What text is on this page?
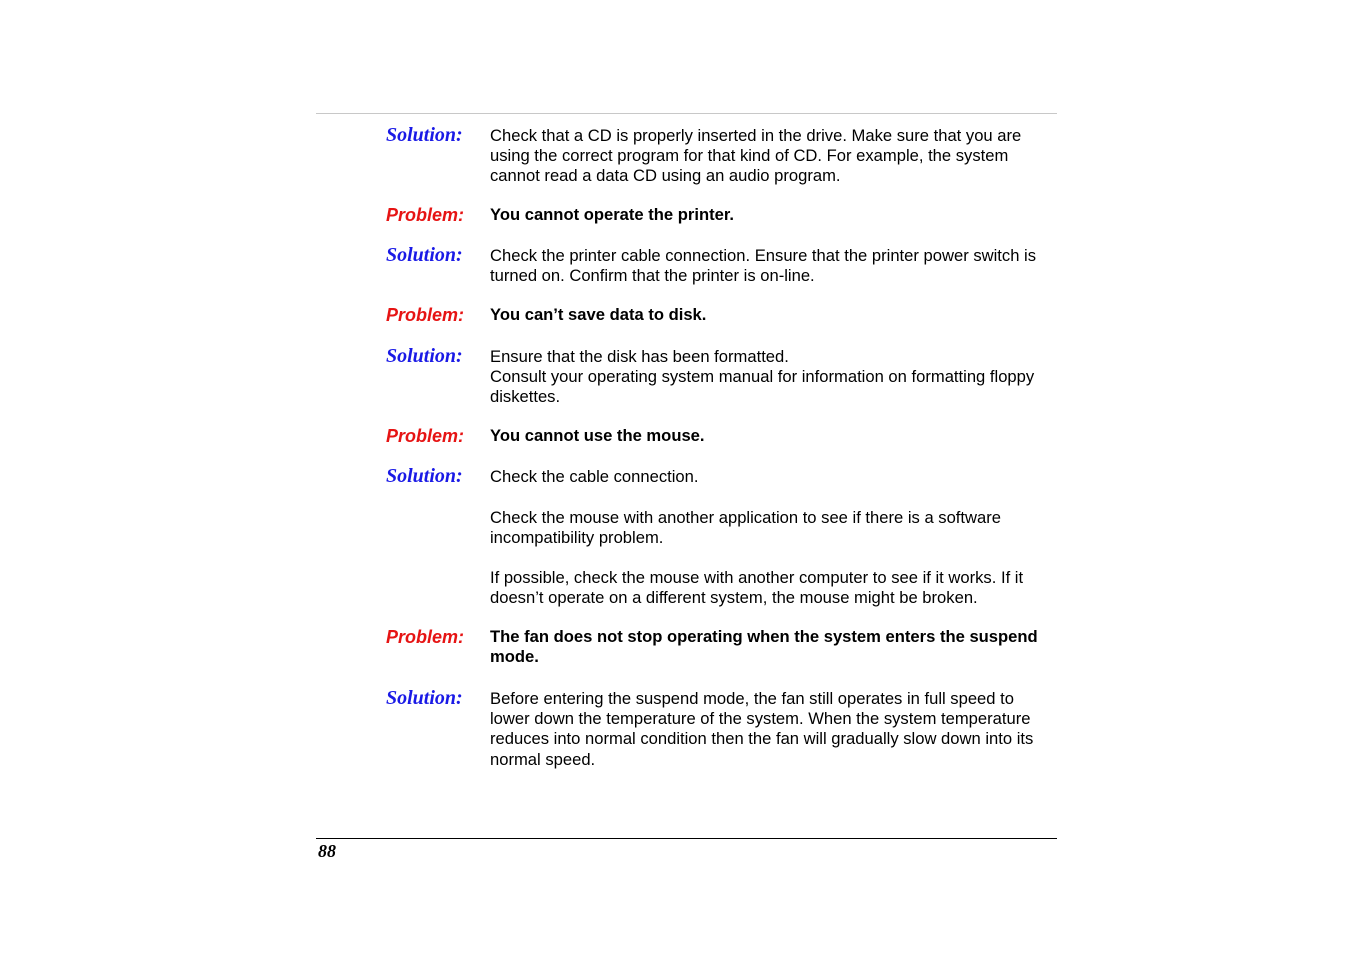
Solution: Check that a CD is properly inserted in the drive. Make sure that you are using the correct program for that kind of CD. For example, the system cannot read a data CD using an audio program.

Problem: You cannot operate the printer.

Solution: Check the printer cable connection. Ensure that the printer power switch is turned on. Confirm that the printer is on-line.

Problem: You can’t save data to disk.

Solution: Ensure that the disk has been formatted.

Consult your operating system manual for information on formatting floppy diskettes.

Problem: You cannot use the mouse.

Solution: Check the cable connection.

Check the mouse with another application to see if there is a software incompatibility problem.

If possible, check the mouse with another computer to see if it works. If it doesn’t operate on a different system, the mouse might be broken.

Problem: The fan does not stop operating when the system enters the suspend mode.

Solution: Before entering the suspend mode, the fan still operates in full speed to lower down the temperature of the system. When the system temperature reduces into normal condition then the fan will gradually slow down into its normal speed.

88
